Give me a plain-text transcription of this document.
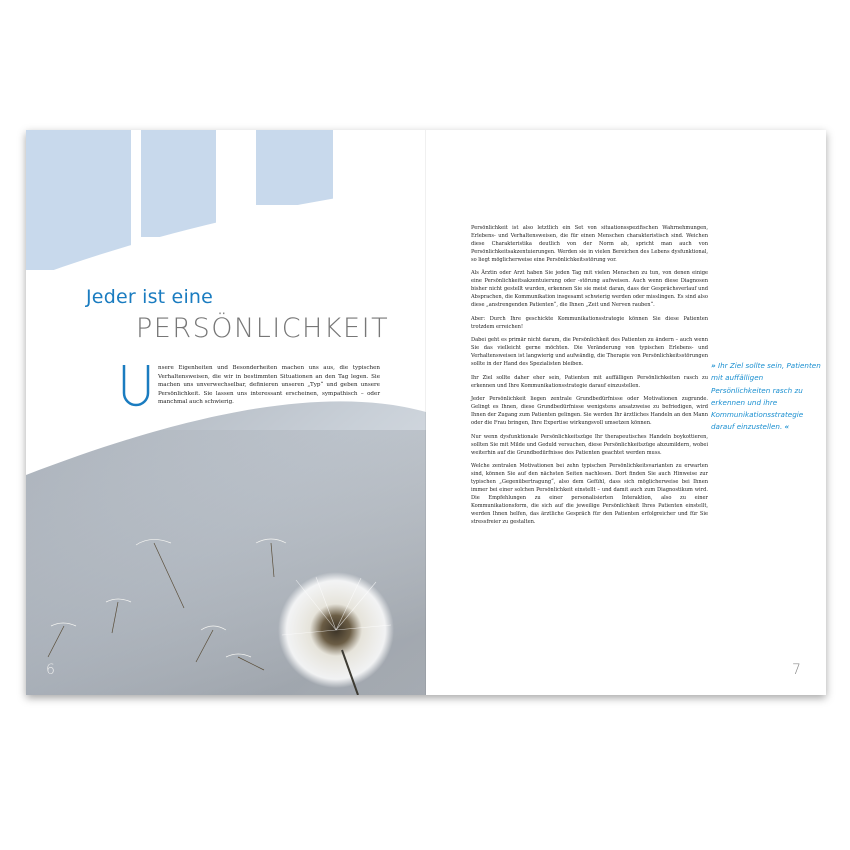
Jeder ist eine
PERSÖNLICHKEIT

nsere Eigenheiten und Besonderheiten machen uns aus, die typischen Verhaltensweisen, die wir in bestimmten Situationen an den Tag legen. Sie machen uns unverwechselbar, definieren unseren „Typ“ und geben unsere Persönlichkeit. Sie lassen uns interessant erscheinen, sympathisch – oder manchmal auch schwierig.

6

Persönlichkeit ist also letztlich ein Set von situationsspezifischen Wahrnehmungen, Erlebens- und Verhaltensweisen, die für einen Menschen charakteristisch sind. Weichen diese Charakteristika deutlich von der Norm ab, spricht man auch von Persönlichkeitsakzentuierungen. Werden sie in vielen Bereichen des Lebens dysfunktional, so liegt möglicherweise eine Persönlichkeitsstörung vor.

Als Ärztin oder Arzt haben Sie jeden Tag mit vielen Menschen zu tun, von denen einige eine Persönlichkeitsakzentuierung oder -störung aufweisen. Auch wenn diese Diagnosen bisher nicht gestellt wurden, erkennen Sie sie meist daran, dass der Gesprächsverlauf und Absprachen, die Kommunikation insgesamt schwierig werden oder misslingen. Es sind also diese „anstrengenden Patienten“, die Ihnen „Zeit und Nerven rauben“.

Aber: Durch Ihre geschickte Kommunikationsstrategie können Sie diese Patienten trotzdem erreichen!

Dabei geht es primär nicht darum, die Persönlichkeit des Patienten zu ändern – auch wenn Sie das vielleicht gerne möchten. Die Veränderung von typischen Erlebens- und Verhaltensweisen ist langwierig und aufwändig, die Therapie von Persönlichkeitsstörungen sollte in der Hand des Spezialisten bleiben.

Ihr Ziel sollte daher eher sein, Patienten mit auffälligen Persönlichkeiten rasch zu erkennen und Ihre Kommunikationsstrategie darauf einzustellen.

Jeder Persönlichkeit liegen zentrale Grundbedürfnisse oder Motivationen zugrunde. Gelingt es Ihnen, diese Grundbedürfnisse wenigstens ansatzweise zu befriedigen, wird Ihnen der Zugang zum Patienten gelingen. Sie werden Ihr ärztliches Handeln an den Mann oder die Frau bringen, Ihre Expertise wirkungsvoll umsetzen können.

Nur wenn dysfunktionale Persönlichkeitszüge Ihr therapeutisches Handeln boykottieren, sollten Sie mit Milde und Geduld versuchen, diese Persönlichkeitszüge abzumildern, wobei weiterhin auf die Grundbedürfnisse des Patienten geachtet werden muss.

Welche zentralen Motivationen bei zehn typischen Persönlichkeitsvarianten zu erwarten sind, können Sie auf den nächsten Seiten nachlesen. Dort finden Sie auch Hinweise zur typischen „Gegenübertragung“, also dem Gefühl, dass sich möglicherweise bei Ihnen immer bei einer solchen Persönlichkeit einstellt – und damit auch zum Diagnostikum wird. Die Empfehlungen zu einer personalisierten Interaktion, also zu einer Kommunikationsform, die sich auf die jeweilige Persönlichkeit Ihres Patienten einstellt, werden Ihnen helfen, das ärztliche Gespräch für den Patienten erfolgreicher und für Sie stressfreier zu gestalten.

» Ihr Ziel sollte sein, Patienten mit auffälligen Persönlichkeiten rasch zu erkennen und ihre Kommunikationsstrategie darauf einzustellen. «

7
